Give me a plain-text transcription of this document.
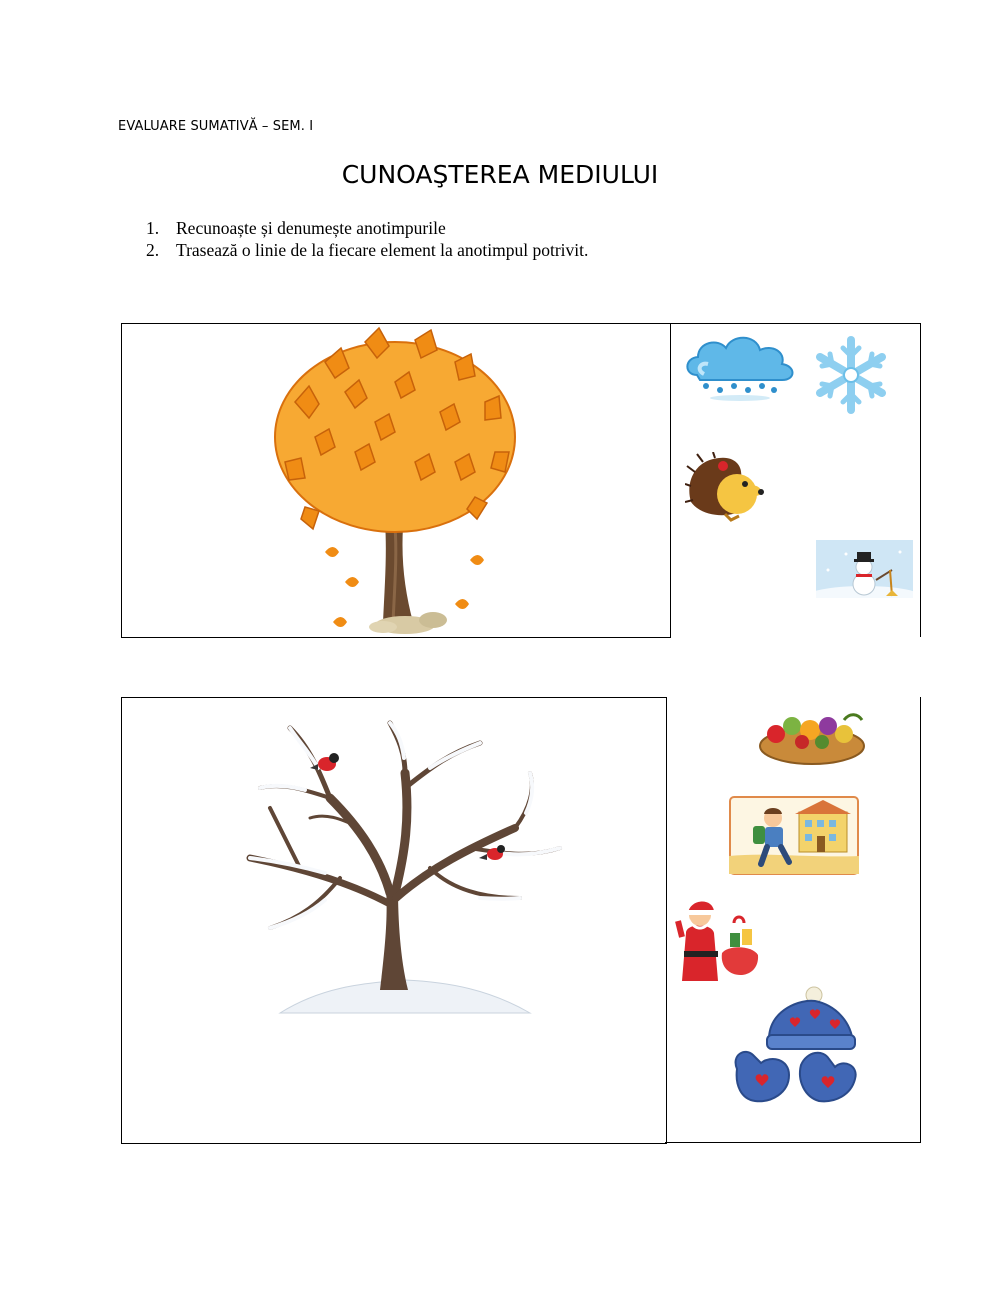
EVALUARE SUMATIVĂ – SEM. I
CUNOAŞTEREA MEDIULUI
1. Recunoaște și denumește anotimpurile
2. Trasează o linie de la fiecare element la anotimpul potrivit.
